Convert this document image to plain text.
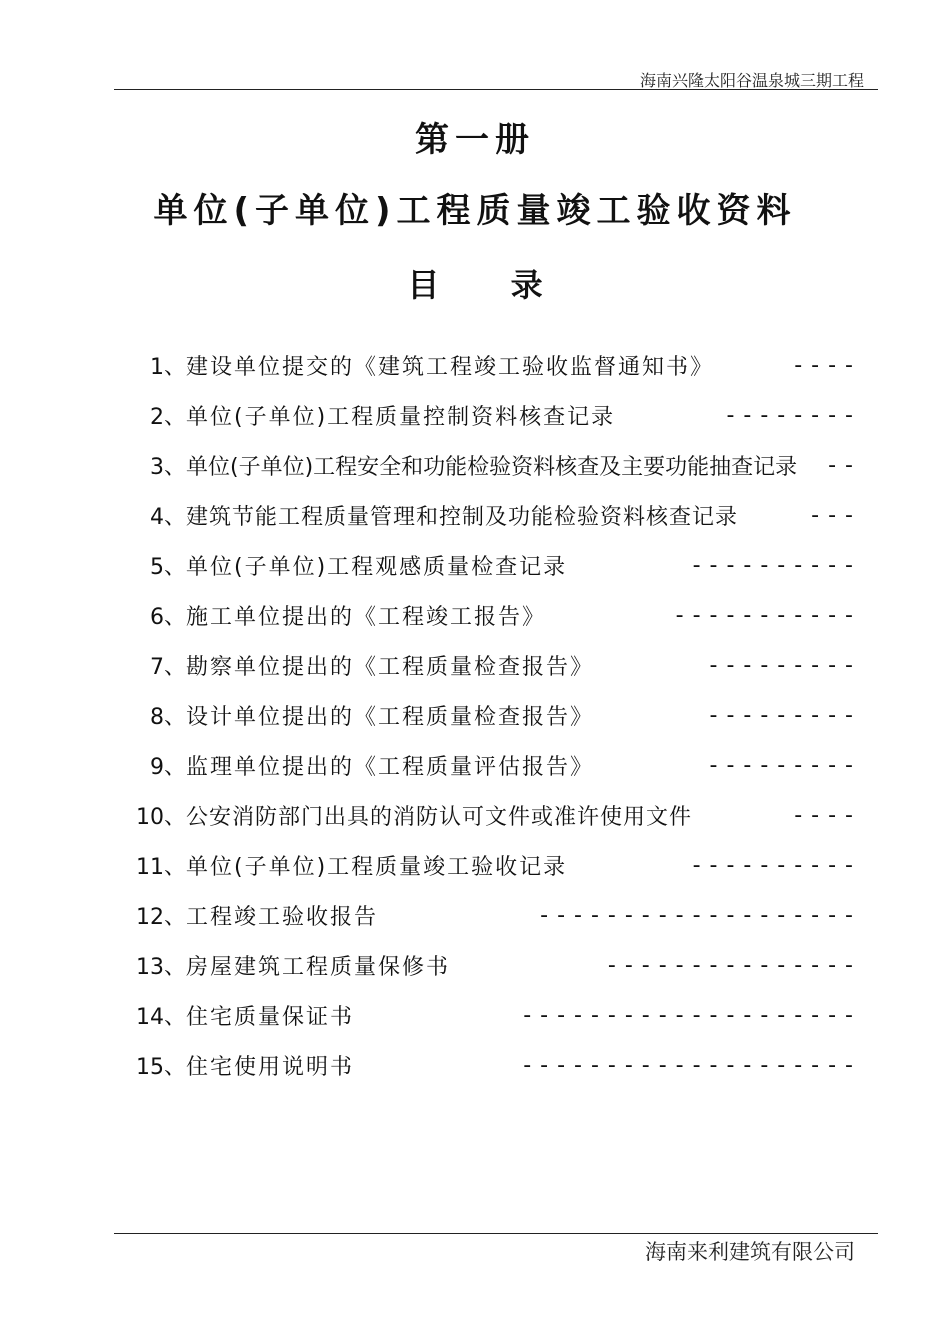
海南兴隆太阳谷温泉城三期工程
第一册
单位(子单位)工程质量竣工验收资料
目 录
1、 建设单位提交的《建筑工程竣工验收监督通知书》	----
2、 单位(子单位)工程质量控制资料核查记录	--------
3、 单位(子单位)工程安全和功能检验资料核查及主要功能抽查记录	--
4、 建筑节能工程质量管理和控制及功能检验资料核查记录	---
5、 单位(子单位)工程观感质量检查记录	----------
6、 施工单位提出的《工程竣工报告》	-----------
7、 勘察单位提出的《工程质量检查报告》	---------
8、 设计单位提出的《工程质量检查报告》	---------
9、 监理单位提出的《工程质量评估报告》	---------
10、 公安消防部门出具的消防认可文件或准许使用文件	----
11、 单位(子单位)工程质量竣工验收记录	----------
12、 工程竣工验收报告	-------------------
13、 房屋建筑工程质量保修书	---------------
14、 住宅质量保证书	--------------------
15、 住宅使用说明书	--------------------
海南来利建筑有限公司
